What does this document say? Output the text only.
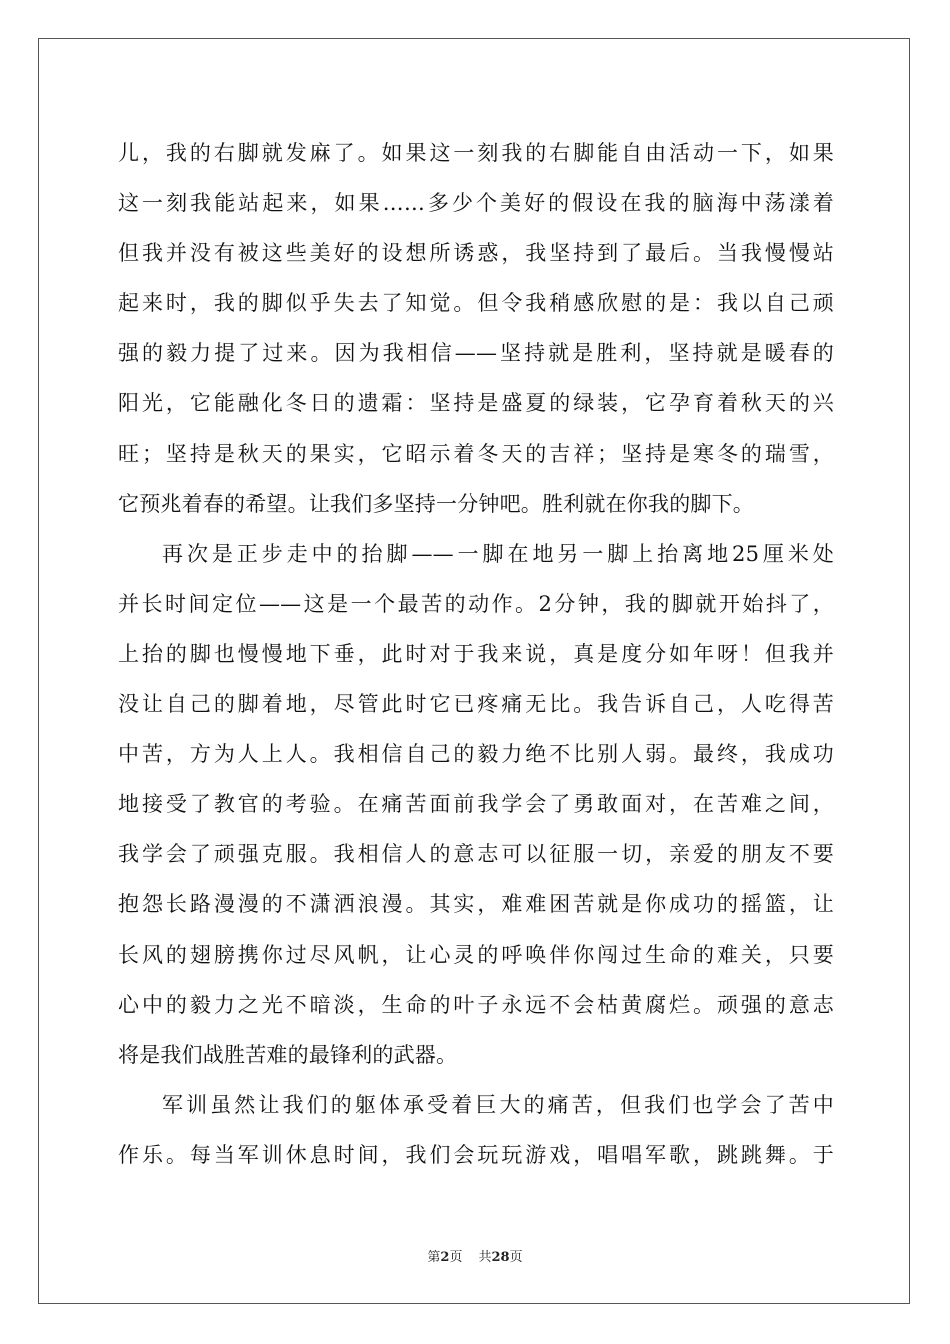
儿，我的右脚就发麻了。如果这一刻我的右脚能自由活动一下，如果
这一刻我能站起来，如果……多少个美好的假设在我的脑海中荡漾着
但我并没有被这些美好的设想所诱惑，我坚持到了最后。当我慢慢站
起来时，我的脚似乎失去了知觉。但令我稍感欣慰的是：我以自己顽
强的毅力提了过来。因为我相信——坚持就是胜利，坚持就是暖春的
阳光，它能融化冬日的遗霜：坚持是盛夏的绿装，它孕育着秋天的兴
旺；坚持是秋天的果实，它昭示着冬天的吉祥；坚持是寒冬的瑞雪，
它预兆着春的希望。让我们多坚持一分钟吧。胜利就在你我的脚下。
再次是正步走中的抬脚——一脚在地另一脚上抬离地25厘米处
并长时间定位——这是一个最苦的动作。2分钟，我的脚就开始抖了，
上抬的脚也慢慢地下垂，此时对于我来说，真是度分如年呀！但我并
没让自己的脚着地，尽管此时它已疼痛无比。我告诉自己，人吃得苦
中苦，方为人上人。我相信自己的毅力绝不比别人弱。最终，我成功
地接受了教官的考验。在痛苦面前我学会了勇敢面对，在苦难之间，
我学会了顽强克服。我相信人的意志可以征服一切，亲爱的朋友不要
抱怨长路漫漫的不潇洒浪漫。其实，难难困苦就是你成功的摇篮，让
长风的翅膀携你过尽风帆，让心灵的呼唤伴你闯过生命的难关，只要
心中的毅力之光不暗淡，生命的叶子永远不会枯黄腐烂。顽强的意志
将是我们战胜苦难的最锋利的武器。
军训虽然让我们的躯体承受着巨大的痛苦，但我们也学会了苦中
作乐。每当军训休息时间，我们会玩玩游戏，唱唱军歌，跳跳舞。于
第2页 共28页
